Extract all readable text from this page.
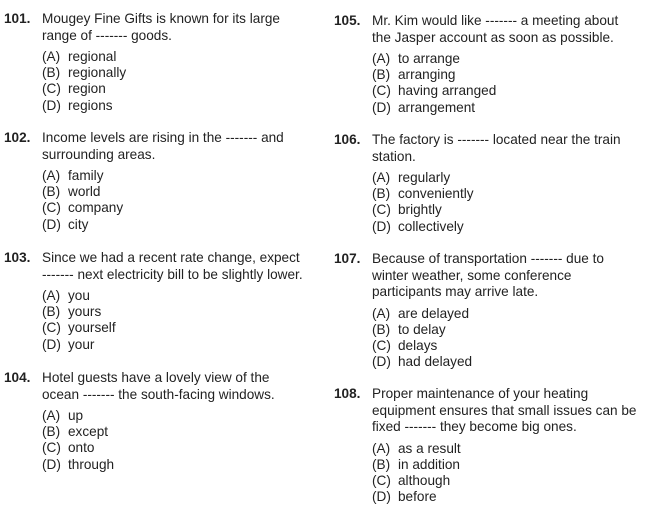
101. Mougey Fine Gifts is known for its large
range of ------- goods.
(A) regional
(B) regionally
(C) region
(D) regions
102. Income levels are rising in the ------- and
surrounding areas.
(A) family
(B) world
(C) company
(D) city
103. Since we had a recent rate change, expect
------- next electricity bill to be slightly lower.
(A) you
(B) yours
(C) yourself
(D) your
104. Hotel guests have a lovely view of the
ocean ------- the south-facing windows.
(A) up
(B) except
(C) onto
(D) through
105. Mr. Kim would like ------- a meeting about
the Jasper account as soon as possible.
(A) to arrange
(B) arranging
(C) having arranged
(D) arrangement
106. The factory is ------- located near the train
station.
(A) regularly
(B) conveniently
(C) brightly
(D) collectively
107. Because of transportation ------- due to
winter weather, some conference
participants may arrive late.
(A) are delayed
(B) to delay
(C) delays
(D) had delayed
108. Proper maintenance of your heating
equipment ensures that small issues can be
fixed ------- they become big ones.
(A) as a result
(B) in addition
(C) although
(D) before
